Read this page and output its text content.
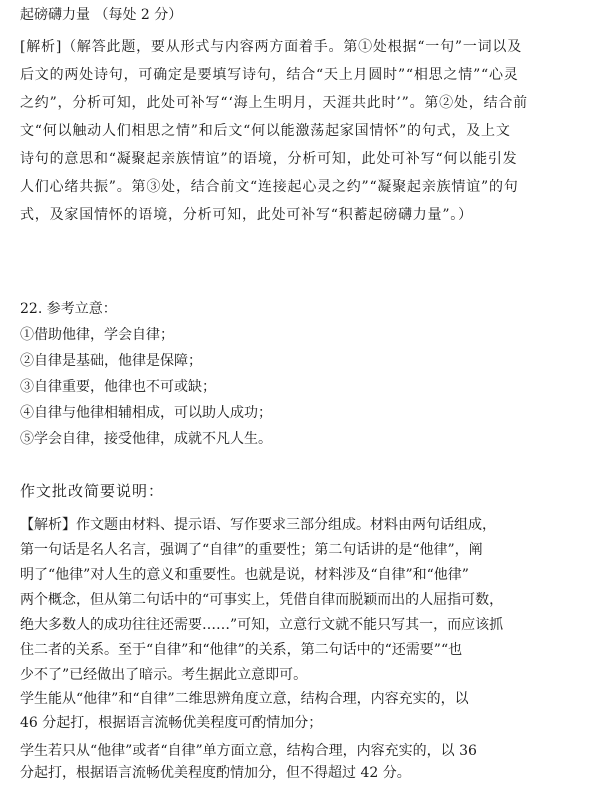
起磅礴力量 （每处 2 分）
[解析]（解答此题，要从形式与内容两方面着手。第①处根据“一句”一词以及
后文的两处诗句，可确定是要填写诗句，结合“天上月圆时”“相思之情”“心灵
之约”，分析可知，此处可补写“‘海上生明月，天涯共此时’”。第②处，结合前
文“何以触动人们相思之情”和后文“何以能激荡起家国情怀”的句式，及上文
诗句的意思和“凝聚起亲族情谊”的语境，分析可知，此处可补写“何以能引发
人们心绪共振”。第③处，结合前文“连接起心灵之约”“凝聚起亲族情谊”的句
式，及家国情怀的语境，分析可知，此处可补写“积蓄起磅礴力量”。）
22. 参考立意：
①借助他律，学会自律；
②自律是基础，他律是保障；
③自律重要，他律也不可或缺；
④自律与他律相辅相成，可以助人成功；
⑤学会自律，接受他律，成就不凡人生。
作文批改简要说明：
【解析】作文题由材料、提示语、写作要求三部分组成。材料由两句话组成，
第一句话是名人名言，强调了“自律”的重要性；第二句话讲的是“他律”，阐
明了“他律”对人生的意义和重要性。也就是说，材料涉及“自律”和“他律”
两个概念，但从第二句话中的“可事实上，凭借自律而脱颖而出的人屈指可数，
绝大多数人的成功往往还需要……”可知，立意行文就不能只写其一，而应该抓
住二者的关系。至于“自律”和“他律”的关系，第二句话中的“还需要”“也
少不了”已经做出了暗示。考生据此立意即可。
学生能从“他律”和“自律”二维思辨角度立意，结构合理，内容充实的，以
46 分起打，根据语言流畅优美程度可酌情加分；
学生若只从“他律”或者“自律”单方面立意，结构合理，内容充实的，以 36
分起打，根据语言流畅优美程度酌情加分，但不得超过 42 分。
